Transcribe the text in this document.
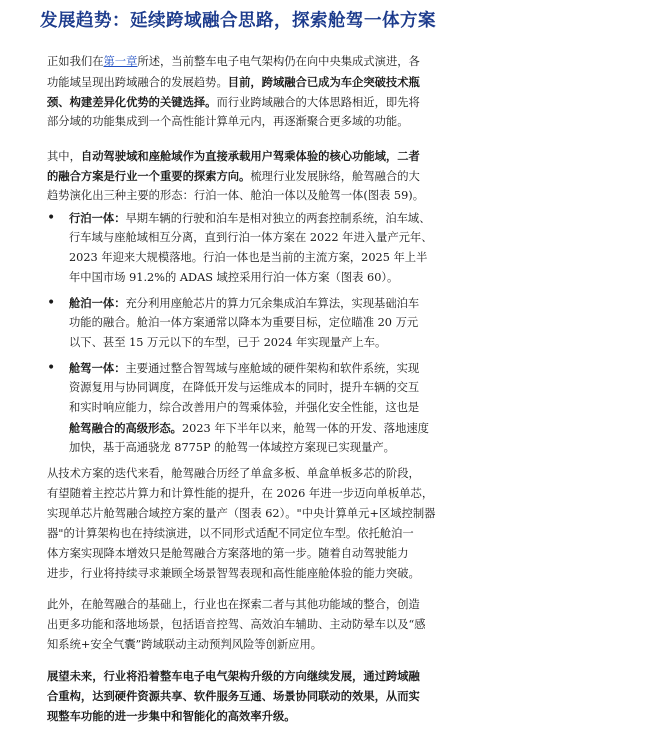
发展趋势：延续跨域融合思路，探索舱驾一体方案

正如我们在第一章所述，当前整车电子电气架构仍在向中央集成式演进，各
功能域呈现出跨域融合的发展趋势。目前，跨域融合已成为车企突破技术瓶
颈、构建差异化优势的关键选择。而行业跨域融合的大体思路相近，即先将
部分域的功能集成到一个高性能计算单元内，再逐渐聚合更多域的功能。

其中，自动驾驶域和座舱域作为直接承载用户驾乘体验的核心功能域，二者
的融合方案是行业一个重要的探索方向。梳理行业发展脉络，舱驾融合的大
趋势演化出三种主要的形态：行泊一体、舱泊一体以及舱驾一体(图表 59)。

• 行泊一体：早期车辆的行驶和泊车是相对独立的两套控制系统，泊车域、
行车域与座舱域相互分离，直到行泊一体方案在 2022 年进入量产元年、
2023 年迎来大规模落地。行泊一体也是当前的主流方案，2025 年上半
年中国市场 91.2%的 ADAS 域控采用行泊一体方案（图表 60）。

• 舱泊一体：充分利用座舱芯片的算力冗余集成泊车算法，实现基础泊车
功能的融合。舱泊一体方案通常以降本为重要目标，定位瞄准 20 万元
以下、甚至 15 万元以下的车型，已于 2024 年实现量产上车。

• 舱驾一体：主要通过整合智驾域与座舱域的硬件架构和软件系统，实现
资源复用与协同调度，在降低开发与运维成本的同时，提升车辆的交互
和实时响应能力，综合改善用户的驾乘体验，并强化安全性能，这也是
舱驾融合的高级形态。2023 年下半年以来，舱驾一体的开发、落地速度
加快，基于高通骁龙 8775P 的舱驾一体域控方案现已实现量产。

从技术方案的迭代来看，舱驾融合历经了单盒多板、单盒单板多芯的阶段，
有望随着主控芯片算力和计算性能的提升，在 2026 年进一步迈向单板单芯，
实现单芯片舱驾融合域控方案的量产（图表 62）。"中央计算单元+区域控制器
器"的计算架构也在持续演进，以不同形式适配不同定位车型。依托舱泊一
体方案实现降本增效只是舱驾融合方案落地的第一步。随着自动驾驶能力
进步，行业将持续寻求兼顾全场景智驾表现和高性能座舱体验的能力突破。

此外，在舱驾融合的基础上，行业也在探索二者与其他功能域的整合，创造
出更多功能和落地场景，包括语音控驾、高效泊车辅助、主动防晕车以及“感
知系统+安全气囊”跨域联动主动预判风险等创新应用。

展望未来，行业将沿着整车电子电气架构升级的方向继续发展，通过跨域融
合重构，达到硬件资源共享、软件服务互通、场景协同联动的效果，从而实
现整车功能的进一步集中和智能化的高效率升级。
